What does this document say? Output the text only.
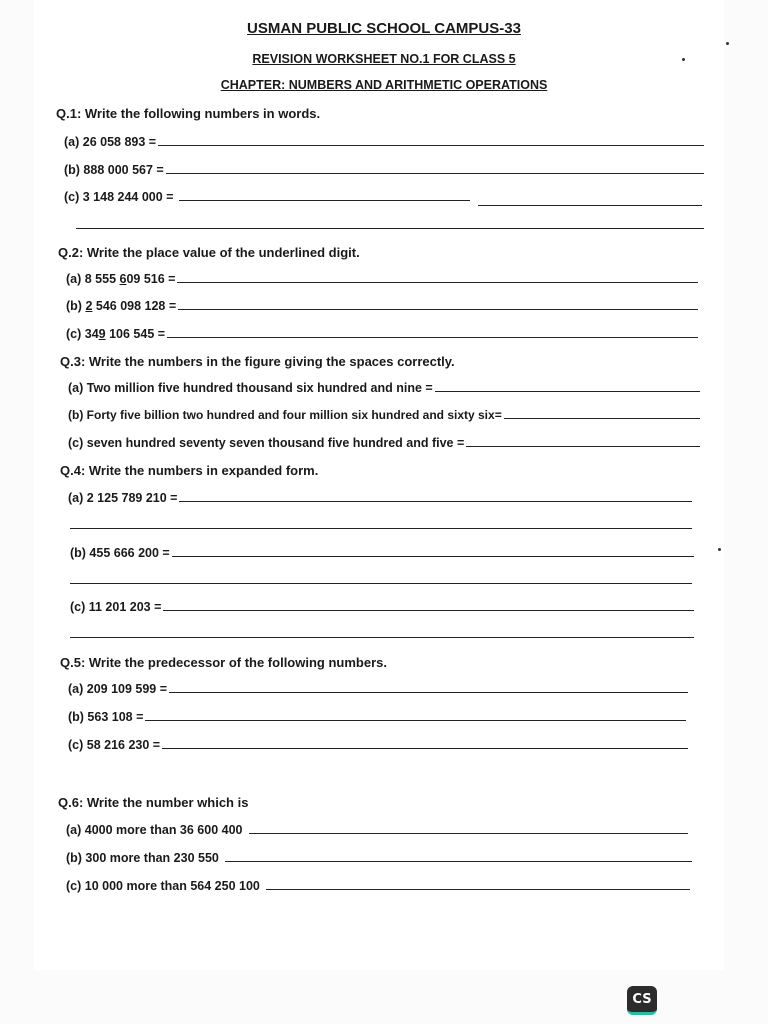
USMAN PUBLIC SCHOOL CAMPUS-33
REVISION WORKSHEET NO.1 FOR CLASS 5
CHAPTER: NUMBERS AND ARITHMETIC OPERATIONS
Q.1: Write the following numbers in words.
(a) 26 058 893 =
(b) 888 000 567 =
(c) 3 148 244 000 =
Q.2: Write the place value of the underlined digit.
(a) 8 555 609 516 =
(b) 2 546 098 128 =
(c) 349 106 545 =
Q.3: Write the numbers in the figure giving the spaces correctly.
(a) Two million five hundred thousand six hundred and nine =
(b) Forty five billion two hundred and four million six hundred and sixty six=
(c) seven hundred seventy seven thousand five hundred and five =
Q.4: Write the numbers in expanded form.
(a) 2 125 789 210 =
(b) 455 666 200 =
(c) 11 201 203 =
Q.5: Write the predecessor of the following numbers.
(a) 209 109 599 =
(b) 563 108 =
(c) 58 216 230 =
Q.6: Write the number which is
(a) 4000 more than 36 600 400
(b) 300 more than 230 550
(c) 10 000 more than 564 250 100
CS
